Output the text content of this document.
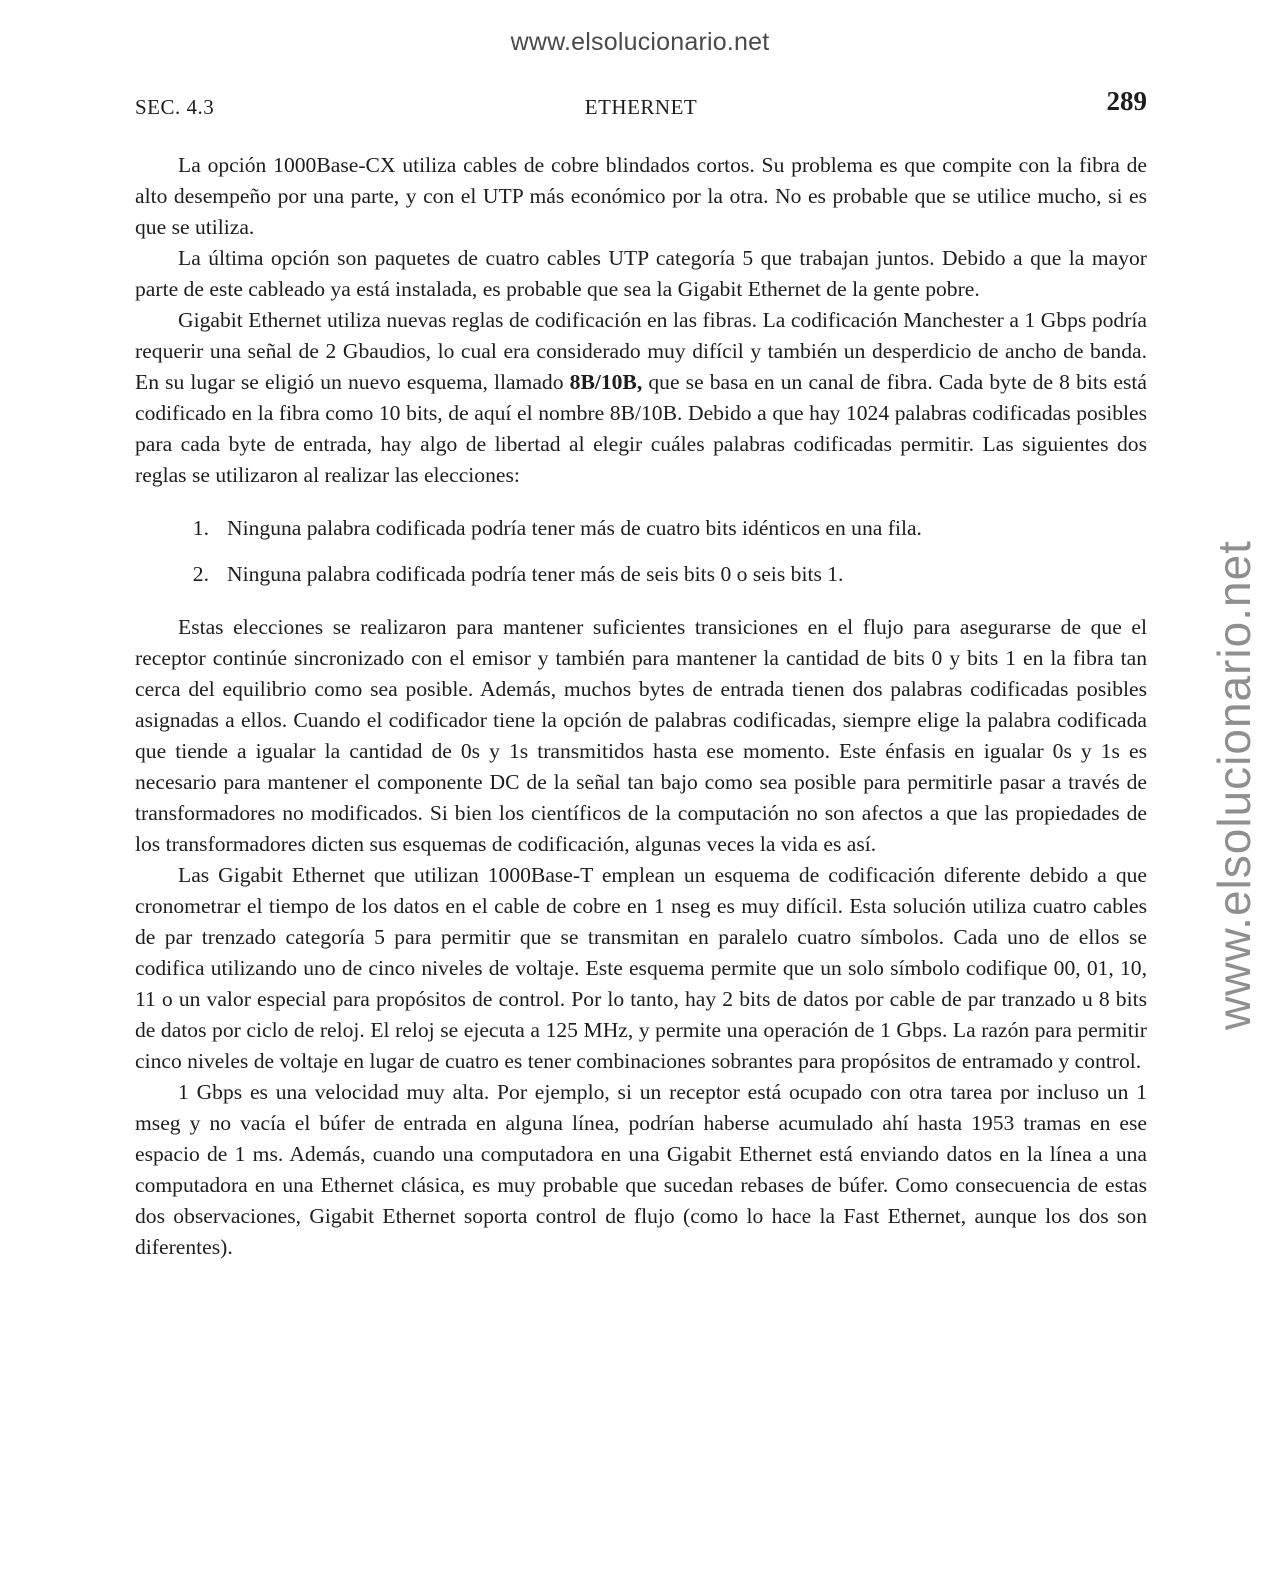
www.elsolucionario.net
www.elsolucionario.net
SEC. 4.3	ETHERNET	289

La opción 1000Base-CX utiliza cables de cobre blindados cortos. Su problema es que compite con la fibra de alto desempeño por una parte, y con el UTP más económico por la otra. No es probable que se utilice mucho, si es que se utiliza.

La última opción son paquetes de cuatro cables UTP categoría 5 que trabajan juntos. Debido a que la mayor parte de este cableado ya está instalada, es probable que sea la Gigabit Ethernet de la gente pobre.

Gigabit Ethernet utiliza nuevas reglas de codificación en las fibras. La codificación Manchester a 1 Gbps podría requerir una señal de 2 Gbaudios, lo cual era considerado muy difícil y también un desperdicio de ancho de banda. En su lugar se eligió un nuevo esquema, llamado 8B/10B, que se basa en un canal de fibra. Cada byte de 8 bits está codificado en la fibra como 10 bits, de aquí el nombre 8B/10B. Debido a que hay 1024 palabras codificadas posibles para cada byte de entrada, hay algo de libertad al elegir cuáles palabras codificadas permitir. Las siguientes dos reglas se utilizaron al realizar las elecciones:

1. Ninguna palabra codificada podría tener más de cuatro bits idénticos en una fila.
2. Ninguna palabra codificada podría tener más de seis bits 0 o seis bits 1.

Estas elecciones se realizaron para mantener suficientes transiciones en el flujo para asegurarse de que el receptor continúe sincronizado con el emisor y también para mantener la cantidad de bits 0 y bits 1 en la fibra tan cerca del equilibrio como sea posible. Además, muchos bytes de entrada tienen dos palabras codificadas posibles asignadas a ellos. Cuando el codificador tiene la opción de palabras codificadas, siempre elige la palabra codificada que tiende a igualar la cantidad de 0s y 1s transmitidos hasta ese momento. Este énfasis en igualar 0s y 1s es necesario para mantener el componente DC de la señal tan bajo como sea posible para permitirle pasar a través de transformadores no modificados. Si bien los científicos de la computación no son afectos a que las propiedades de los transformadores dicten sus esquemas de codificación, algunas veces la vida es así.

Las Gigabit Ethernet que utilizan 1000Base-T emplean un esquema de codificación diferente debido a que cronometrar el tiempo de los datos en el cable de cobre en 1 nseg es muy difícil. Esta solución utiliza cuatro cables de par trenzado categoría 5 para permitir que se transmitan en paralelo cuatro símbolos. Cada uno de ellos se codifica utilizando uno de cinco niveles de voltaje. Este esquema permite que un solo símbolo codifique 00, 01, 10, 11 o un valor especial para propósitos de control. Por lo tanto, hay 2 bits de datos por cable de par tranzado u 8 bits de datos por ciclo de reloj. El reloj se ejecuta a 125 MHz, y permite una operación de 1 Gbps. La razón para permitir cinco niveles de voltaje en lugar de cuatro es tener combinaciones sobrantes para propósitos de entramado y control.

1 Gbps es una velocidad muy alta. Por ejemplo, si un receptor está ocupado con otra tarea por incluso un 1 mseg y no vacía el búfer de entrada en alguna línea, podrían haberse acumulado ahí hasta 1953 tramas en ese espacio de 1 ms. Además, cuando una computadora en una Gigabit Ethernet está enviando datos en la línea a una computadora en una Ethernet clásica, es muy probable que sucedan rebases de búfer. Como consecuencia de estas dos observaciones, Gigabit Ethernet soporta control de flujo (como lo hace la Fast Ethernet, aunque los dos son diferentes).
